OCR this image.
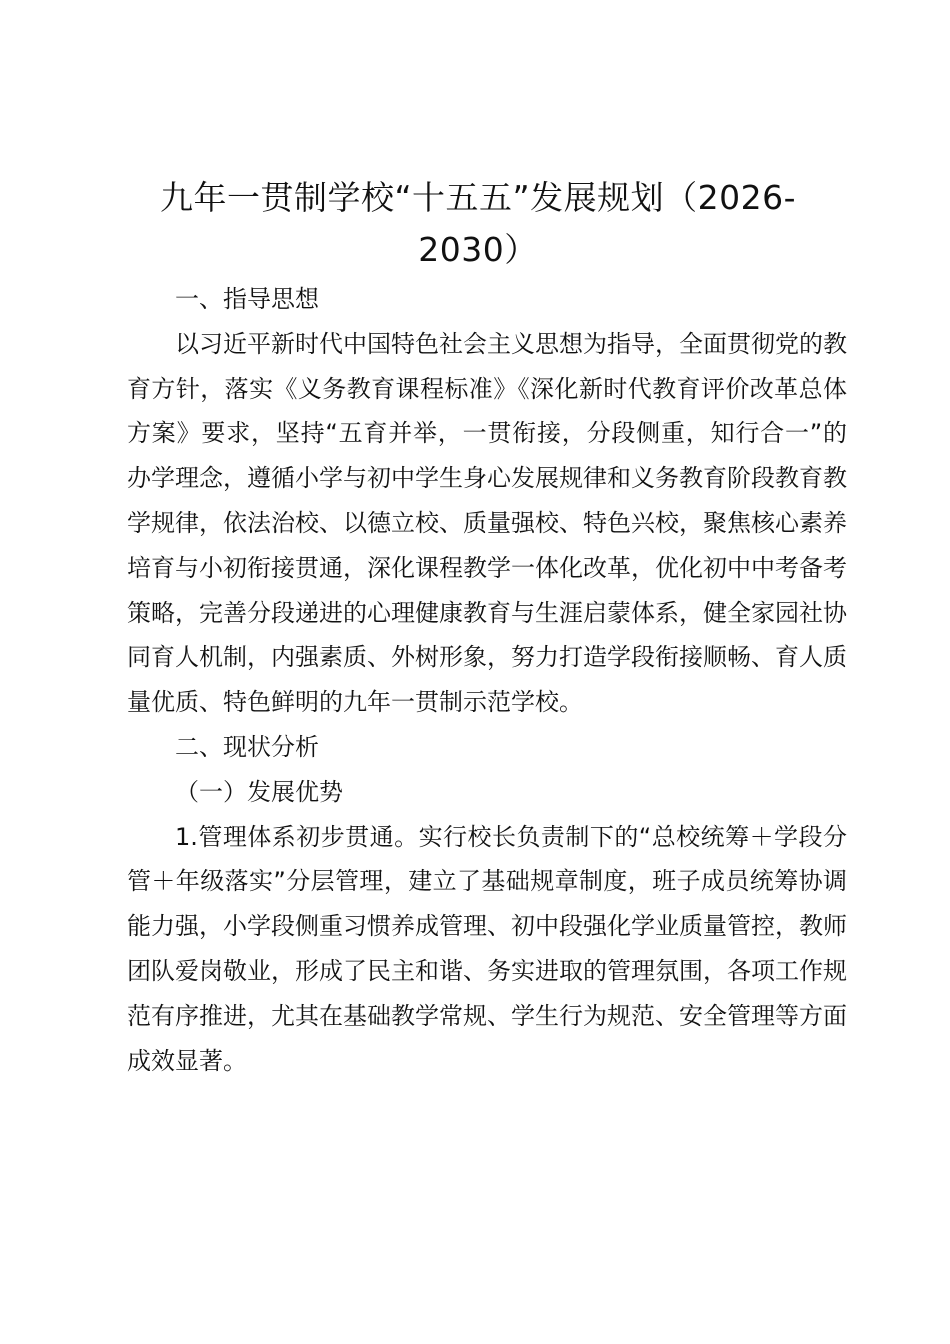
九年一贯制学校“十五五”发展规划（2026-2030）

一、指导思想

以习近平新时代中国特色社会主义思想为指导，全面贯彻党的教育方针，落实《义务教育课程标准》《深化新时代教育评价改革总体方案》要求，坚持“五育并举，一贯衔接，分段侧重，知行合一”的办学理念，遵循小学与初中学生身心发展规律和义务教育阶段教育教学规律，依法治校、以德立校、质量强校、特色兴校，聚焦核心素养培育与小初衔接贯通，深化课程教学一体化改革，优化初中中考备考策略，完善分段递进的心理健康教育与生涯启蒙体系，健全家园社协同育人机制，内强素质、外树形象，努力打造学段衔接顺畅、育人质量优质、特色鲜明的九年一贯制示范学校。

二、现状分析

（一）发展优势

1.管理体系初步贯通。实行校长负责制下的“总校统筹＋学段分管＋年级落实”分层管理，建立了基础规章制度，班子成员统筹协调能力强，小学段侧重习惯养成管理、初中段强化学业质量管控，教师团队爱岗敬业，形成了民主和谐、务实进取的管理氛围，各项工作规范有序推进，尤其在基础教学常规、学生行为规范、安全管理等方面成效显著。
